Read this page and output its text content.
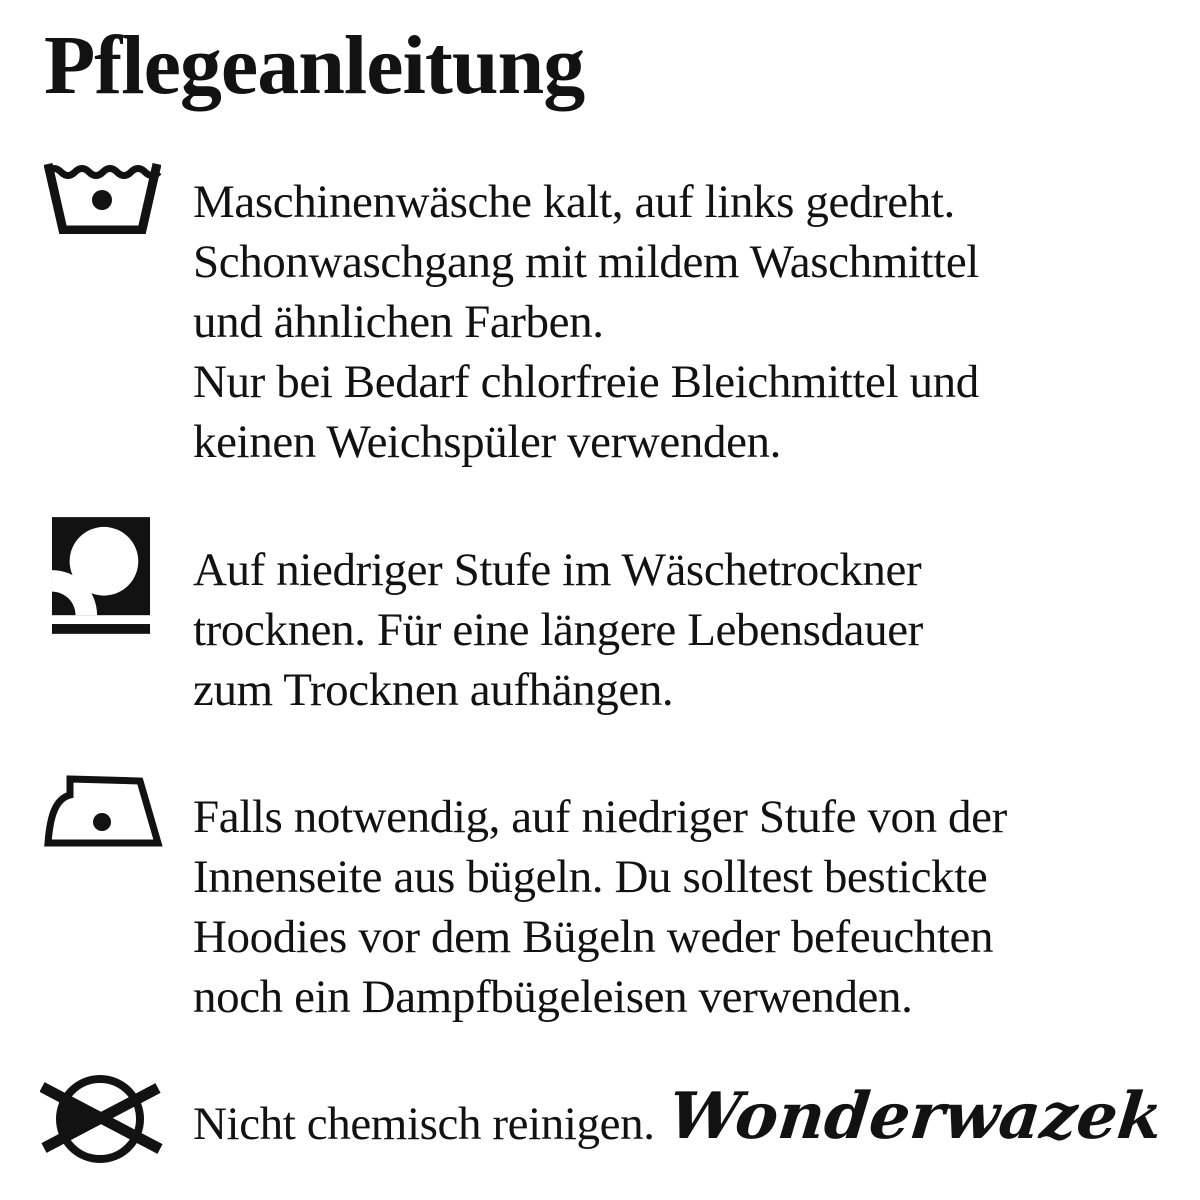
Pflegeanleitung
Maschinenwäsche kalt, auf links gedreht.
Schonwaschgang mit mildem Waschmittel
und ähnlichen Farben.
Nur bei Bedarf chlorfreie Bleichmittel und
keinen Weichspüler verwenden.
Auf niedriger Stufe im Wäschetrockner
trocknen. Für eine längere Lebensdauer
zum Trocknen aufhängen.
Falls notwendig, auf niedriger Stufe von der
Innenseite aus bügeln. Du solltest bestickte
Hoodies vor dem Bügeln weder befeuchten
noch ein Dampfbügeleisen verwenden.
Nicht chemisch reinigen. Wonderwazek
